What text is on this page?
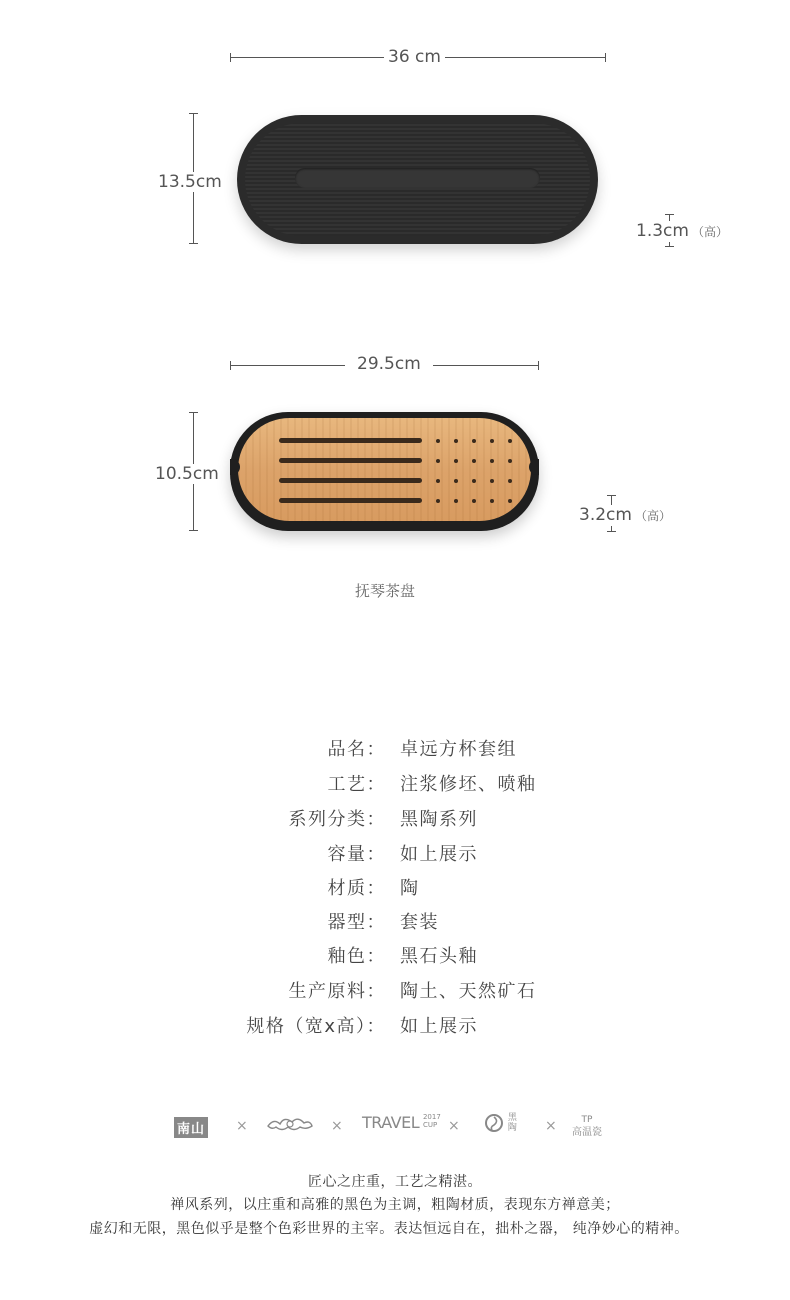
36 cm
13.5cm
1.3cm （高）
29.5cm
10.5cm
3.2cm （高）
抚琴茶盘
品名： 卓远方杯套组
工艺： 注浆修坯、喷釉
系列分类： 黑陶系列
容量： 如上展示
材质： 陶
器型： 套装
釉色： 黑石头釉
生产原料： 陶土、天然矿石
规格（宽x高）： 如上展示
南山 ×	× TRAVEL 2017
CUP ×	黑
陶 ×	TP
高温瓷
匠心之庄重，工艺之精湛。
禅风系列，以庄重和高雅的黑色为主调，粗陶材质，表现东方禅意美；
虚幻和无限，黑色似乎是整个色彩世界的主宰。表达恒远自在，拙朴之器， 纯净妙心的精神。
